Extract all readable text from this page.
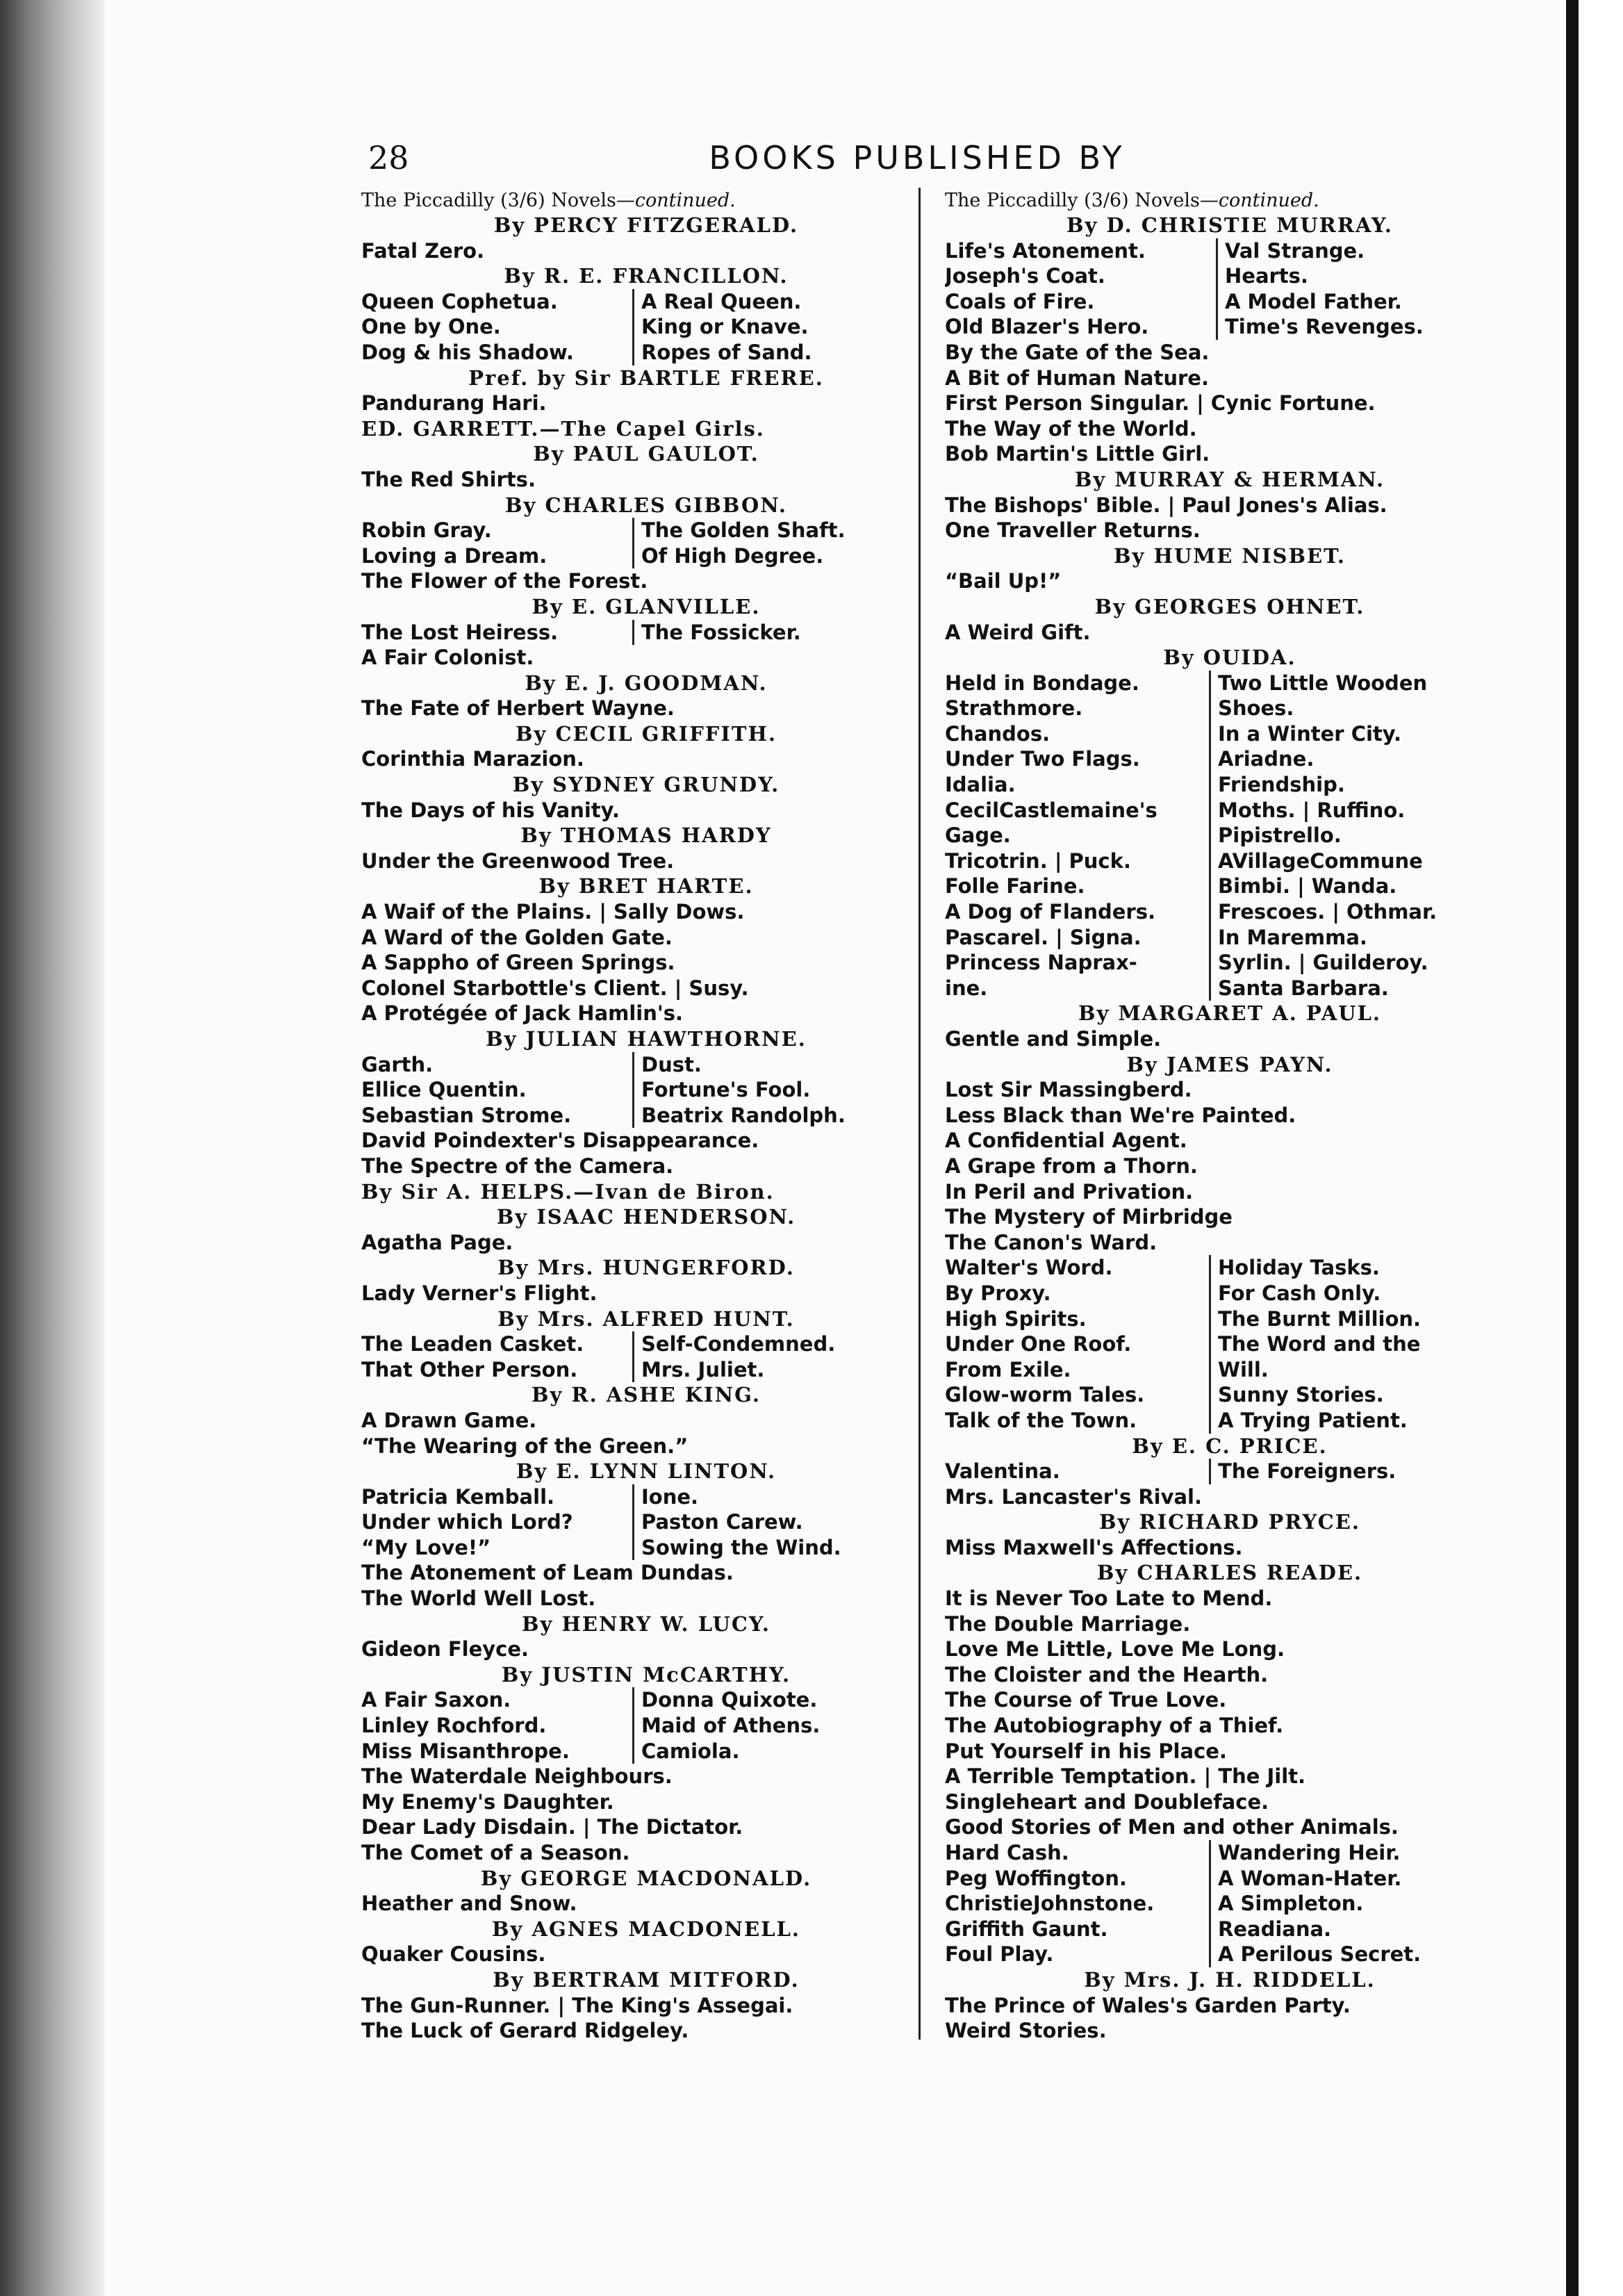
28	BOOKS PUBLISHED BY
The Piccadilly (3/6) Novels—continued.
By PERCY FITZGERALD.
Fatal Zero.
By R. E. FRANCILLON.
Queen Cophetua.	A Real Queen.
One by One.	King or Knave.
Dog & his Shadow.	Ropes of Sand.
Pref. by Sir BARTLE FRERE.
Pandurang Hari.
ED. GARRETT.—The Capel Girls.
By PAUL GAULOT.
The Red Shirts.
By CHARLES GIBBON.
Robin Gray.	The Golden Shaft.
Loving a Dream.	Of High Degree.
The Flower of the Forest.
By E. GLANVILLE.
The Lost Heiress.	The Fossicker.
A Fair Colonist.
By E. J. GOODMAN.
The Fate of Herbert Wayne.
By CECIL GRIFFITH.
Corinthia Marazion.
By SYDNEY GRUNDY.
The Days of his Vanity.
By THOMAS HARDY
Under the Greenwood Tree.
By BRET HARTE.
A Waif of the Plains. | Sally Dows.
A Ward of the Golden Gate.
A Sappho of Green Springs.
Colonel Starbottle's Client. | Susy.
A Protégée of Jack Hamlin's.
By JULIAN HAWTHORNE.
Garth.	Dust.
Ellice Quentin.	Fortune's Fool.
Sebastian Strome.	Beatrix Randolph.
David Poindexter's Disappearance.
The Spectre of the Camera.
By Sir A. HELPS.—Ivan de Biron.
By ISAAC HENDERSON.
Agatha Page.
By Mrs. HUNGERFORD.
Lady Verner's Flight.
By Mrs. ALFRED HUNT.
The Leaden Casket.	Self-Condemned.
That Other Person.	Mrs. Juliet.
By R. ASHE KING.
A Drawn Game.
“The Wearing of the Green.”
By E. LYNN LINTON.
Patricia Kemball.	Ione.
Under which Lord?	Paston Carew.
“My Love!”	Sowing the Wind.
The Atonement of Leam Dundas.
The World Well Lost.
By HENRY W. LUCY.
Gideon Fleyce.
By JUSTIN McCARTHY.
A Fair Saxon.	Donna Quixote.
Linley Rochford.	Maid of Athens.
Miss Misanthrope.	Camiola.
The Waterdale Neighbours.
My Enemy's Daughter.
Dear Lady Disdain. | The Dictator.
The Comet of a Season.
By GEORGE MACDONALD.
Heather and Snow.
By AGNES MACDONELL.
Quaker Cousins.
By BERTRAM MITFORD.
The Gun-Runner. | The King's Assegai.
The Luck of Gerard Ridgeley.
The Piccadilly (3/6) Novels—continued.
By D. CHRISTIE MURRAY.
Life's Atonement.	Val Strange.
Joseph's Coat.	Hearts.
Coals of Fire.	A Model Father.
Old Blazer's Hero.	Time's Revenges.
By the Gate of the Sea.
A Bit of Human Nature.
First Person Singular. | Cynic Fortune.
The Way of the World.
Bob Martin's Little Girl.
By MURRAY & HERMAN.
The Bishops' Bible. | Paul Jones's Alias.
One Traveller Returns.
By HUME NISBET.
“Bail Up!”
By GEORGES OHNET.
A Weird Gift.
By OUIDA.
Held in Bondage.	Two Little Wooden
Strathmore.	Shoes.
Chandos.	In a Winter City.
Under Two Flags.	Ariadne.
Idalia.	Friendship.
CecilCastlemaine's	Moths. | Ruffino.
Gage.	Pipistrello.
Tricotrin. | Puck.	AVillageCommune
Folle Farine.	Bimbi. | Wanda.
A Dog of Flanders.	Frescoes. | Othmar.
Pascarel. | Signa.	In Maremma.
Princess Naprax-	Syrlin. | Guilderoy.
ine.	Santa Barbara.
By MARGARET A. PAUL.
Gentle and Simple.
By JAMES PAYN.
Lost Sir Massingberd.
Less Black than We're Painted.
A Confidential Agent.
A Grape from a Thorn.
In Peril and Privation.
The Mystery of Mirbridge
The Canon's Ward.
Walter's Word.	Holiday Tasks.
By Proxy.	For Cash Only.
High Spirits.	The Burnt Million.
Under One Roof.	The Word and the
From Exile.	Will.
Glow-worm Tales.	Sunny Stories.
Talk of the Town.	A Trying Patient.
By E. C. PRICE.
Valentina.	The Foreigners.
Mrs. Lancaster's Rival.
By RICHARD PRYCE.
Miss Maxwell's Affections.
By CHARLES READE.
It is Never Too Late to Mend.
The Double Marriage.
Love Me Little, Love Me Long.
The Cloister and the Hearth.
The Course of True Love.
The Autobiography of a Thief.
Put Yourself in his Place.
A Terrible Temptation. | The Jilt.
Singleheart and Doubleface.
Good Stories of Men and other Animals.
Hard Cash.	Wandering Heir.
Peg Woffington.	A Woman-Hater.
ChristieJohnstone.	A Simpleton.
Griffith Gaunt.	Readiana.
Foul Play.	A Perilous Secret.
By Mrs. J. H. RIDDELL.
The Prince of Wales's Garden Party.
Weird Stories.
